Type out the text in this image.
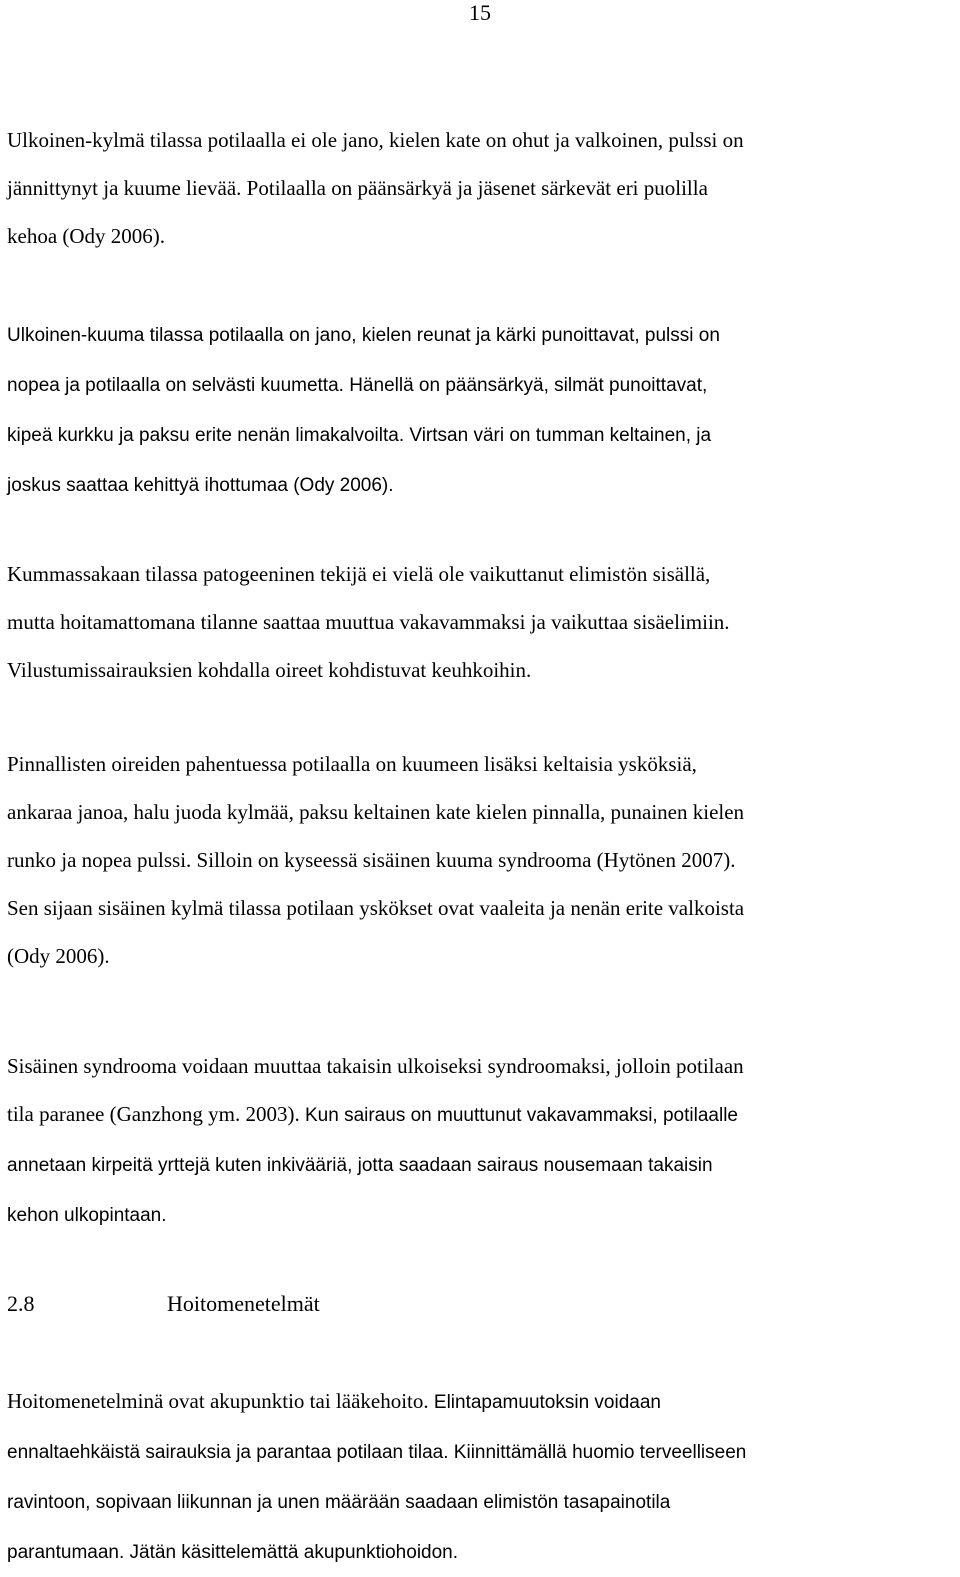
15

Ulkoinen-kylmä tilassa potilaalla ei ole jano, kielen kate on ohut ja valkoinen, pulssi on
jännittynyt ja kuume lievää. Potilaalla on päänsärkyä ja jäsenet särkevät eri puolilla
kehoa (Ody 2006).

Ulkoinen-kuuma tilassa potilaalla on jano, kielen reunat ja kärki punoittavat, pulssi on
nopea ja potilaalla on selvästi kuumetta. Hänellä on päänsärkyä, silmät punoittavat,
kipeä kurkku ja paksu erite nenän limakalvoilta. Virtsan väri on tumman keltainen, ja
joskus saattaa kehittyä ihottumaa (Ody 2006).

Kummassakaan tilassa patogeeninen tekijä ei vielä ole vaikuttanut elimistön sisällä,
mutta hoitamattomana tilanne saattaa muuttua vakavammaksi ja vaikuttaa sisäelimiin.
Vilustumissairauksien kohdalla oireet kohdistuvat keuhkoihin.

Pinnallisten oireiden pahentuessa potilaalla on kuumeen lisäksi keltaisia ysköksiä,
ankaraa janoa, halu juoda kylmää, paksu keltainen kate kielen pinnalla, punainen kielen
runko ja nopea pulssi. Silloin on kyseessä sisäinen kuuma syndrooma (Hytönen 2007).
Sen sijaan sisäinen kylmä tilassa potilaan yskökset ovat vaaleita ja nenän erite valkoista
(Ody 2006).

Sisäinen syndrooma voidaan muuttaa takaisin ulkoiseksi syndroomaksi, jolloin potilaan
tila paranee (Ganzhong ym. 2003). Kun sairaus on muuttunut vakavammaksi, potilaalle
annetaan kirpeitä yrttejä kuten inkivääriä, jotta saadaan sairaus nousemaan takaisin
kehon ulkopintaan.

2.8	Hoitomenetelmät

Hoitomenetelminä ovat akupunktio tai lääkehoito. Elintapamuutoksin voidaan
ennaltaehkäistä sairauksia ja parantaa potilaan tilaa. Kiinnittämällä huomio terveelliseen
ravintoon, sopivaan liikunnan ja unen määrään saadaan elimistön tasapainotila
parantumaan. Jätän käsittelemättä akupunktiohoidon.
